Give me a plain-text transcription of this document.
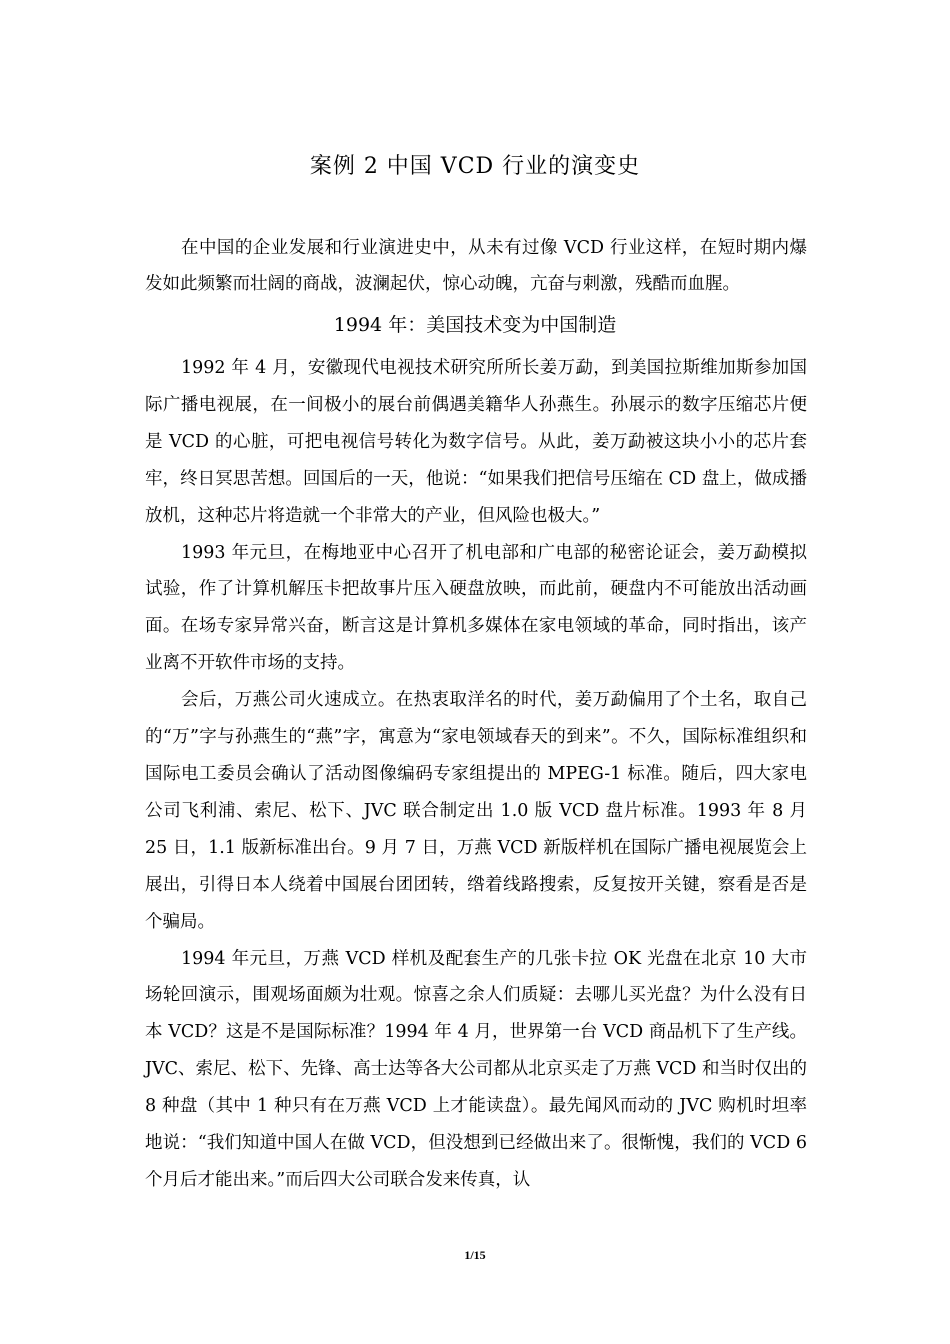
案例 2 中国 VCD 行业的演变史

在中国的企业发展和行业演进史中，从未有过像 VCD 行业这样，在短时期内爆发如此频繁而壮阔的商战，波澜起伏，惊心动魄，亢奋与刺激，残酷而血腥。

1994 年：美国技术变为中国制造

1992 年 4 月，安徽现代电视技术研究所所长姜万勐，到美国拉斯维加斯参加国际广播电视展，在一间极小的展台前偶遇美籍华人孙燕生。孙展示的数字压缩芯片便是 VCD 的心脏，可把电视信号转化为数字信号。从此，姜万勐被这块小小的芯片套牢，终日冥思苦想。回国后的一天，他说：“如果我们把信号压缩在 CD 盘上，做成播放机，这种芯片将造就一个非常大的产业，但风险也极大。”

1993 年元旦，在梅地亚中心召开了机电部和广电部的秘密论证会，姜万勐模拟试验，作了计算机解压卡把故事片压入硬盘放映，而此前，硬盘内不可能放出活动画面。在场专家异常兴奋，断言这是计算机多媒体在家电领域的革命，同时指出，该产业离不开软件市场的支持。

会后，万燕公司火速成立。在热衷取洋名的时代，姜万勐偏用了个土名，取自己的“万”字与孙燕生的“燕”字，寓意为“家电领域春天的到来”。不久，国际标准组织和国际电工委员会确认了活动图像编码专家组提出的 MPEG-1 标准。随后，四大家电公司飞利浦、索尼、松下、JVC 联合制定出 1.0 版 VCD 盘片标准。1993 年 8 月 25 日，1.1 版新标准出台。9 月 7 日，万燕 VCD 新版样机在国际广播电视展览会上展出，引得日本人绕着中国展台团团转，绺着线路搜索，反复按开关键，察看是否是个骗局。

1994 年元旦，万燕 VCD 样机及配套生产的几张卡拉 OK 光盘在北京 10 大市场轮回演示，围观场面颇为壮观。惊喜之余人们质疑：去哪儿买光盘？为什么没有日本 VCD？这是不是国际标准？1994 年 4 月，世界第一台 VCD 商品机下了生产线。JVC、索尼、松下、先锋、高士达等各大公司都从北京买走了万燕 VCD 和当时仅出的 8 种盘（其中 1 种只有在万燕 VCD 上才能读盘）。最先闻风而动的 JVC 购机时坦率地说：“我们知道中国人在做 VCD，但没想到已经做出来了。很惭愧，我们的 VCD 6 个月后才能出来。”而后四大公司联合发来传真，认

1/15
